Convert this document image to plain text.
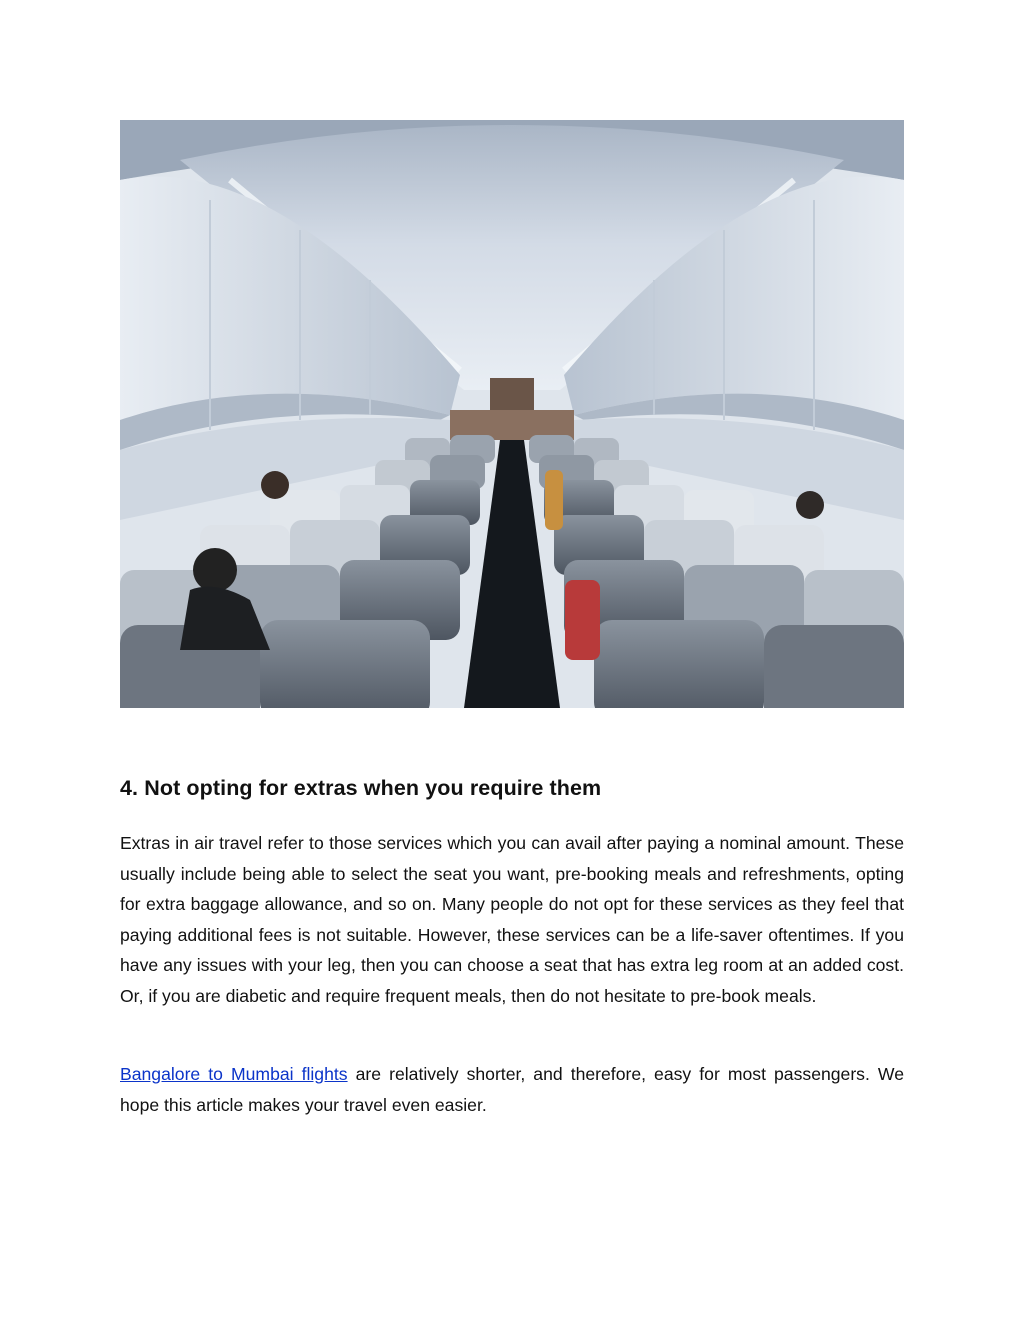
4. Not opting for extras when you require them

Extras in air travel refer to those services which you can avail after paying a nominal amount. These usually include being able to select the seat you want, pre-booking meals and refreshments, opting for extra baggage allowance, and so on. Many people do not opt for these services as they feel that paying additional fees is not suitable. However, these services can be a life-saver oftentimes. If you have any issues with your leg, then you can choose a seat that has extra leg room at an added cost. Or, if you are diabetic and require frequent meals, then do not hesitate to pre-book meals.

Bangalore to Mumbai flights are relatively shorter, and therefore, easy for most passengers. We hope this article makes your travel even easier.
